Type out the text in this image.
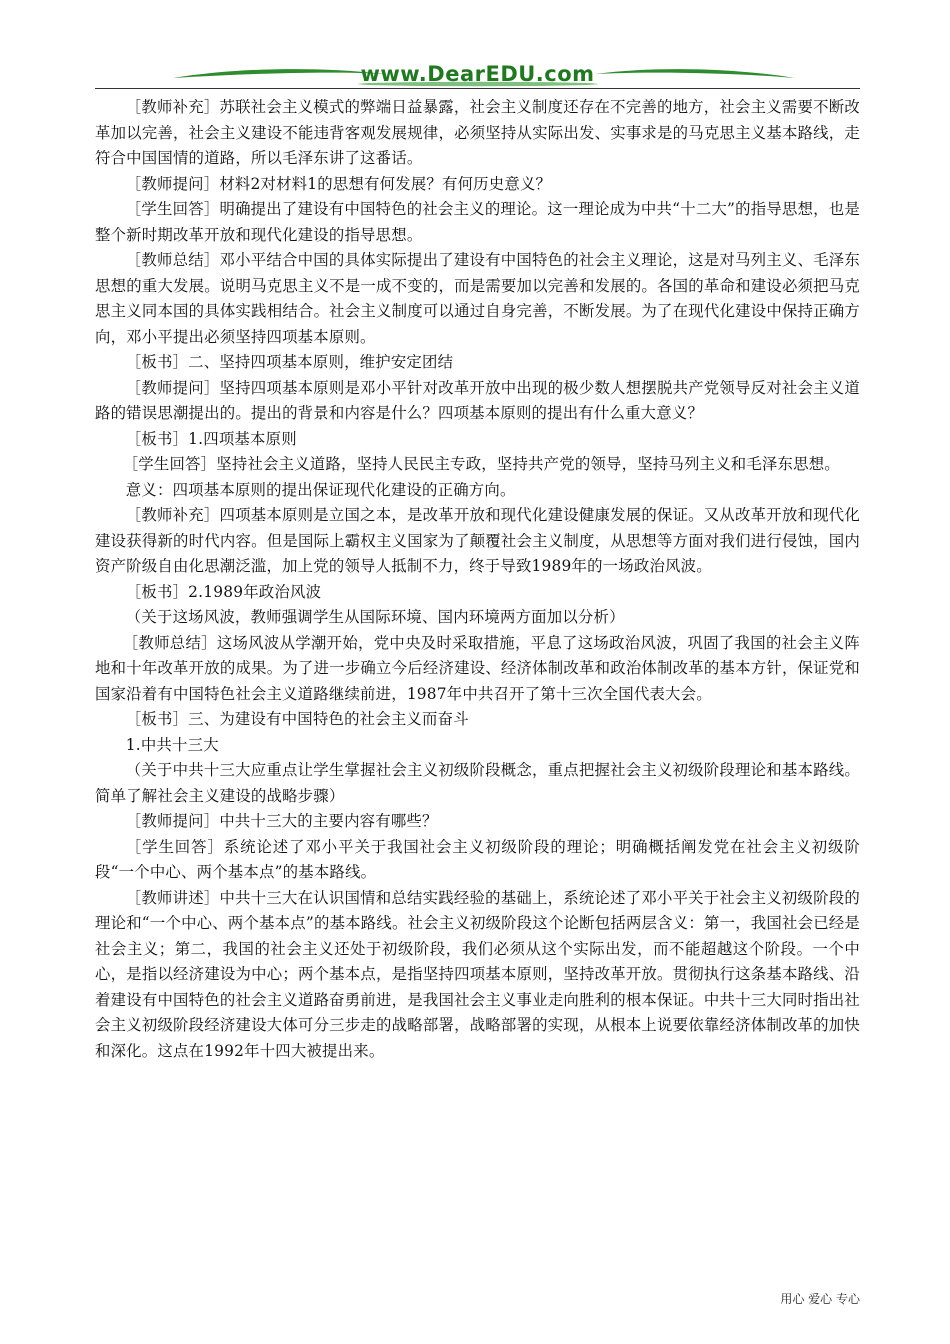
www.DearEDU.com

［教师补充］苏联社会主义模式的弊端日益暴露，社会主义制度还存在不完善的地方，社会主义需要不断改革加以完善，社会主义建设不能违背客观发展规律，必须坚持从实际出发、实事求是的马克思主义基本路线，走符合中国国情的道路，所以毛泽东讲了这番话。

［教师提问］材料2对材料1的思想有何发展？有何历史意义？

［学生回答］明确提出了建设有中国特色的社会主义的理论。这一理论成为中共“十二大”的指导思想，也是整个新时期改革开放和现代化建设的指导思想。

［教师总结］邓小平结合中国的具体实际提出了建设有中国特色的社会主义理论，这是对马列主义、毛泽东思想的重大发展。说明马克思主义不是一成不变的，而是需要加以完善和发展的。各国的革命和建设必须把马克思主义同本国的具体实践相结合。社会主义制度可以通过自身完善，不断发展。为了在现代化建设中保持正确方向，邓小平提出必须坚持四项基本原则。

［板书］二、坚持四项基本原则，维护安定团结

［教师提问］坚持四项基本原则是邓小平针对改革开放中出现的极少数人想摆脱共产党领导反对社会主义道路的错误思潮提出的。提出的背景和内容是什么？四项基本原则的提出有什么重大意义？

［板书］1.四项基本原则

［学生回答］坚持社会主义道路，坚持人民民主专政，坚持共产党的领导，坚持马列主义和毛泽东思想。

意义：四项基本原则的提出保证现代化建设的正确方向。

［教师补充］四项基本原则是立国之本，是改革开放和现代化建设健康发展的保证。又从改革开放和现代化建设获得新的时代内容。但是国际上霸权主义国家为了颠覆社会主义制度，从思想等方面对我们进行侵蚀，国内资产阶级自由化思潮泛滥，加上党的领导人抵制不力，终于导致1989年的一场政治风波。

［板书］2.1989年政治风波

（关于这场风波，教师强调学生从国际环境、国内环境两方面加以分析）

［教师总结］这场风波从学潮开始，党中央及时采取措施，平息了这场政治风波，巩固了我国的社会主义阵地和十年改革开放的成果。为了进一步确立今后经济建设、经济体制改革和政治体制改革的基本方针，保证党和国家沿着有中国特色社会主义道路继续前进，1987年中共召开了第十三次全国代表大会。

［板书］三、为建设有中国特色的社会主义而奋斗

1.中共十三大

（关于中共十三大应重点让学生掌握社会主义初级阶段概念，重点把握社会主义初级阶段理论和基本路线。简单了解社会主义建设的战略步骤）

［教师提问］中共十三大的主要内容有哪些？

［学生回答］系统论述了邓小平关于我国社会主义初级阶段的理论；明确概括阐发党在社会主义初级阶段“一个中心、两个基本点”的基本路线。

［教师讲述］中共十三大在认识国情和总结实践经验的基础上，系统论述了邓小平关于社会主义初级阶段的理论和“一个中心、两个基本点”的基本路线。社会主义初级阶段这个论断包括两层含义：第一，我国社会已经是社会主义；第二，我国的社会主义还处于初级阶段，我们必须从这个实际出发，而不能超越这个阶段。一个中心，是指以经济建设为中心；两个基本点，是指坚持四项基本原则，坚持改革开放。贯彻执行这条基本路线、沿着建设有中国特色的社会主义道路奋勇前进，是我国社会主义事业走向胜利的根本保证。中共十三大同时指出社会主义初级阶段经济建设大体可分三步走的战略部署，战略部署的实现，从根本上说要依靠经济体制改革的加快和深化。这点在1992年十四大被提出来。

用心 爱心 专心
